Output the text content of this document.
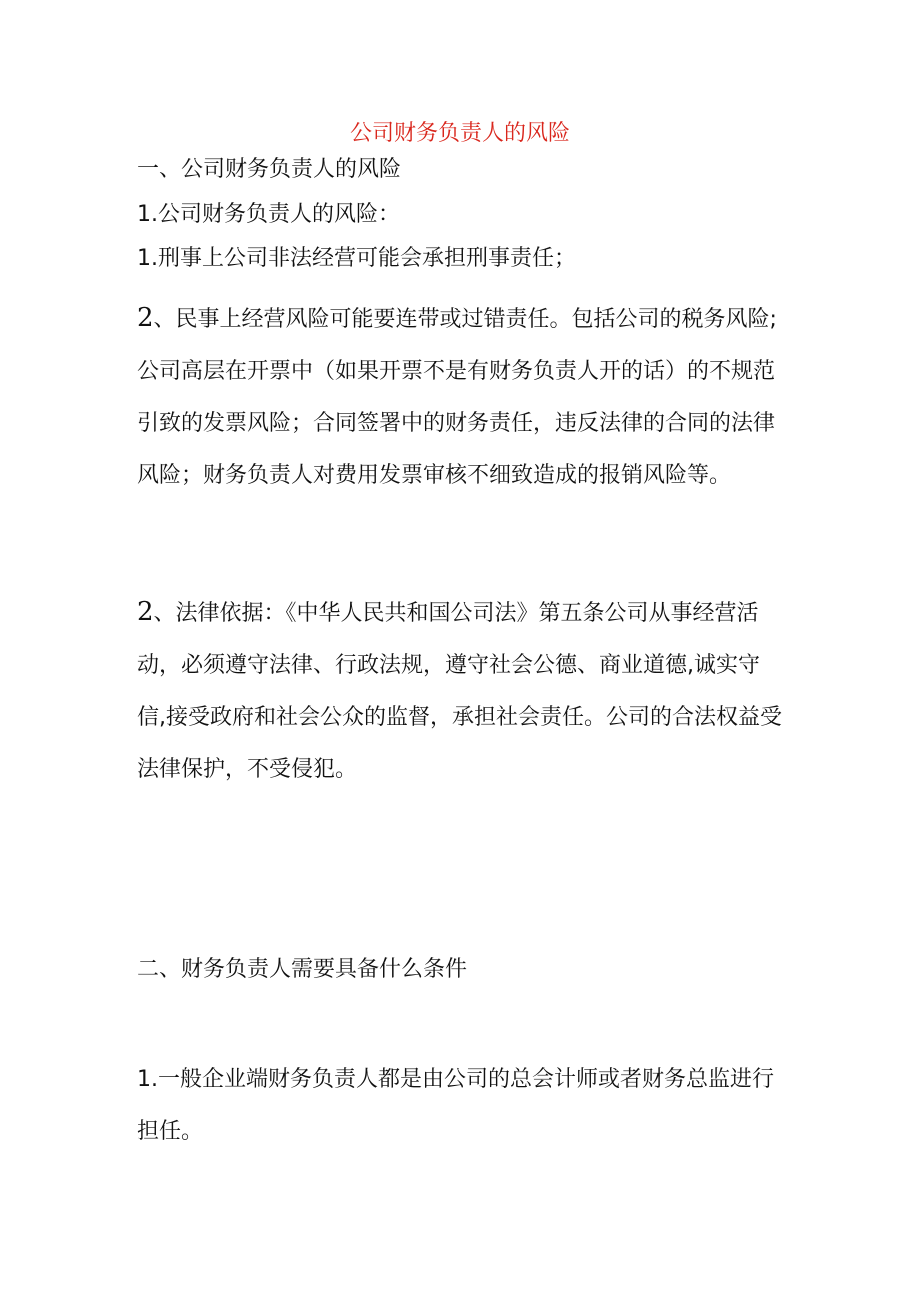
公司财务负责人的风险
一、公司财务负责人的风险
1.公司财务负责人的风险：
1.刑事上公司非法经营可能会承担刑事责任；
2、民事上经营风险可能要连带或过错责任。包括公司的税务风险;公司高层在开票中（如果开票不是有财务负责人开的话）的不规范引致的发票风险；合同签署中的财务责任，违反法律的合同的法律风险；财务负责人对费用发票审核不细致造成的报销风险等。
2、法律依据：《中华人民共和国公司法》第五条公司从事经营活动，必须遵守法律、行政法规，遵守社会公德、商业道德,诚实守信,接受政府和社会公众的监督，承担社会责任。公司的合法权益受法律保护，不受侵犯。
二、财务负责人需要具备什么条件
1.一般企业端财务负责人都是由公司的总会计师或者财务总监进行担任。
